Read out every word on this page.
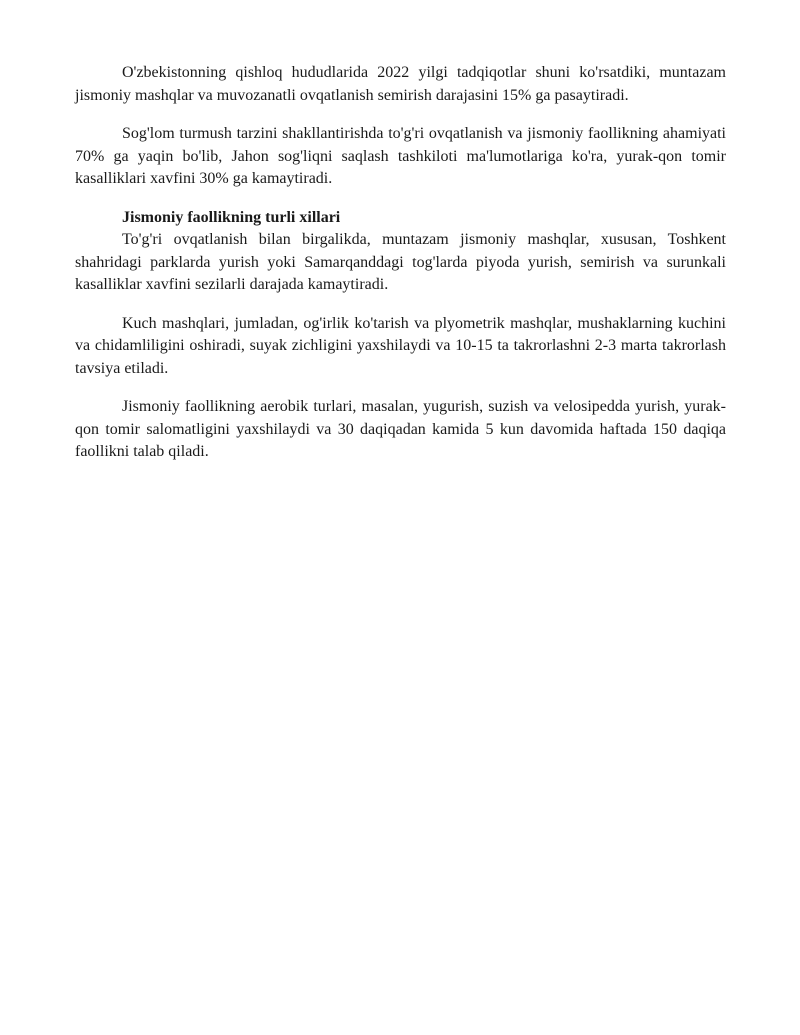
O'zbekistonning qishloq hududlarida 2022 yilgi tadqiqotlar shuni ko'rsatdiki, muntazam jismoniy mashqlar va muvozanatli ovqatlanish semirish darajasini 15% ga pasaytiradi.

Sog'lom turmush tarzini shakllantirishda to'g'ri ovqatlanish va jismoniy faollikning ahamiyati 70% ga yaqin bo'lib, Jahon sog'liqni saqlash tashkiloti ma'lumotlariga ko'ra, yurak-qon tomir kasalliklari xavfini 30% ga kamaytiradi.

Jismoniy faollikning turli xillari

To'g'ri ovqatlanish bilan birgalikda, muntazam jismoniy mashqlar, xususan, Toshkent shahridagi parklarda yurish yoki Samarqanddagi tog'larda piyoda yurish, semirish va surunkali kasalliklar xavfini sezilarli darajada kamaytiradi.

Kuch mashqlari, jumladan, og'irlik ko'tarish va plyometrik mashqlar, mushaklarning kuchini va chidamliligini oshiradi, suyak zichligini yaxshilaydi va 10-15 ta takrorlashni 2-3 marta takrorlash tavsiya etiladi.

Jismoniy faollikning aerobik turlari, masalan, yugurish, suzish va velosipedda yurish, yurak-qon tomir salomatligini yaxshilaydi va 30 daqiqadan kamida 5 kun davomida haftada 150 daqiqa faollikni talab qiladi.
